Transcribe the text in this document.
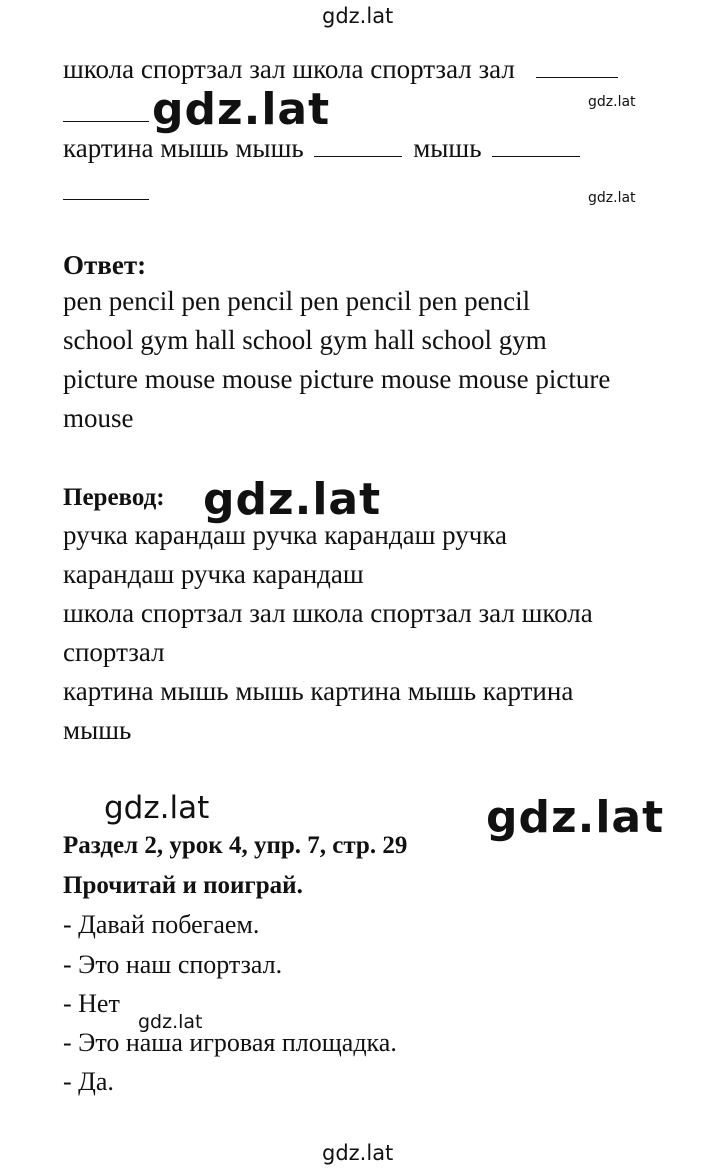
gdz.lat
gdz.lat	gdz.lat
gdz.lat
gdz.lat
gdz.lat	gdz.lat
gdz.lat
gdz.lat
школа спортзал зал школа спортзал зал
картина мышь мышь	мышь
Ответ:
pen pencil pen pencil pen pencil pen pencil
school gym hall school gym hall school gym
picture mouse mouse picture mouse mouse picture
mouse
Перевод:
ручка карандаш ручка карандаш ручка
карандаш ручка карандаш
школа спортзал зал школа спортзал зал школа
спортзал
картина мышь мышь картина мышь картина
мышь
Раздел 2, урок 4, упр. 7, стр. 29
Прочитай и поиграй.
- Давай побегаем.
- Это наш спортзал.
- Нет
- Это наша игровая площадка.
- Да.
